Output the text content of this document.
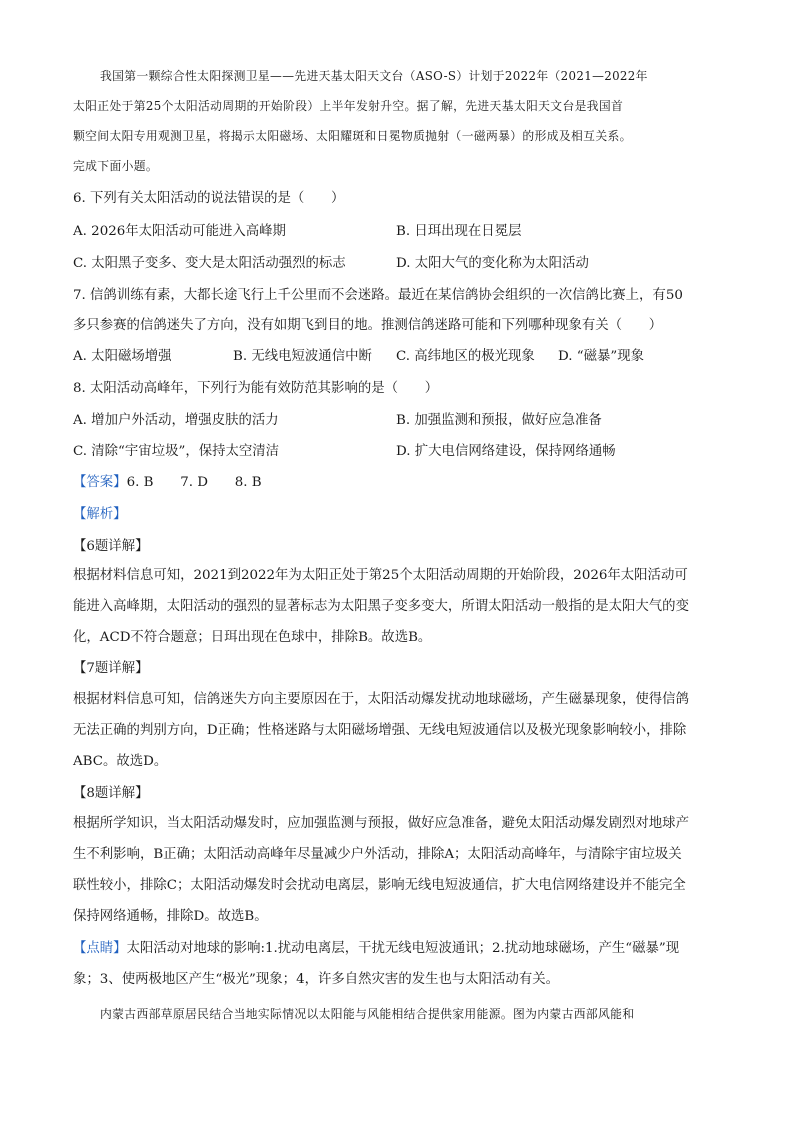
我国第一颗综合性太阳探测卫星——先进天基太阳天文台（ASO-S）计划于2022年（2021—2022年
太阳正处于第25个太阳活动周期的开始阶段）上半年发射升空。据了解，先进天基太阳天文台是我国首
颗空间太阳专用观测卫星，将揭示太阳磁场、太阳耀斑和日冕物质抛射（一磁两暴）的形成及相互关系。
完成下面小题。
6. 下列有关太阳活动的说法错误的是（　　）
A. 2026年太阳活动可能进入高峰期	B. 日珥出现在日冕层
C. 太阳黑子变多、变大是太阳活动强烈的标志	D. 太阳大气的变化称为太阳活动
7. 信鸽训练有素，大都长途飞行上千公里而不会迷路。最近在某信鸽协会组织的一次信鸽比赛上，有50
多只参赛的信鸽迷失了方向，没有如期飞到目的地。推测信鸽迷路可能和下列哪种现象有关（　　）
A. 太阳磁场增强	B. 无线电短波通信中断 C. 高纬地区的极光现象 D. “磁暴”现象
8. 太阳活动高峰年，下列行为能有效防范其影响的是（　　）
A. 增加户外活动，增强皮肤的活力	B. 加强监测和预报，做好应急准备
C. 清除“宇宙垃圾”，保持太空清洁	D. 扩大电信网络建设，保持网络通畅
【答案】6. B　　7. D　　8. B
【解析】
【6题详解】
根据材料信息可知，2021到2022年为太阳正处于第25个太阳活动周期的开始阶段，2026年太阳活动可
能进入高峰期，太阳活动的强烈的显著标志为太阳黑子变多变大，所谓太阳活动一般指的是太阳大气的变
化，ACD不符合题意；日珥出现在色球中，排除B。故选B。
【7题详解】
根据材料信息可知，信鸽迷失方向主要原因在于，太阳活动爆发扰动地球磁场，产生磁暴现象，使得信鸽
无法正确的判别方向，D正确；性格迷路与太阳磁场增强、无线电短波通信以及极光现象影响较小，排除
ABC。故选D。
【8题详解】
根据所学知识，当太阳活动爆发时，应加强监测与预报，做好应急准备，避免太阳活动爆发剧烈对地球产
生不利影响，B正确；太阳活动高峰年尽量减少户外活动，排除A；太阳活动高峰年，与清除宇宙垃圾关
联性较小，排除C；太阳活动爆发时会扰动电离层，影响无线电短波通信，扩大电信网络建设并不能完全
保持网络通畅，排除D。故选B。
【点睛】太阳活动对地球的影响:1.扰动电离层，干扰无线电短波通讯；2.扰动地球磁场，产生“磁暴”现
象；3、使两极地区产生“极光”现象；4，许多自然灾害的发生也与太阳活动有关。
内蒙古西部草原居民结合当地实际情况以太阳能与风能相结合提供家用能源。图为内蒙古西部风能和
